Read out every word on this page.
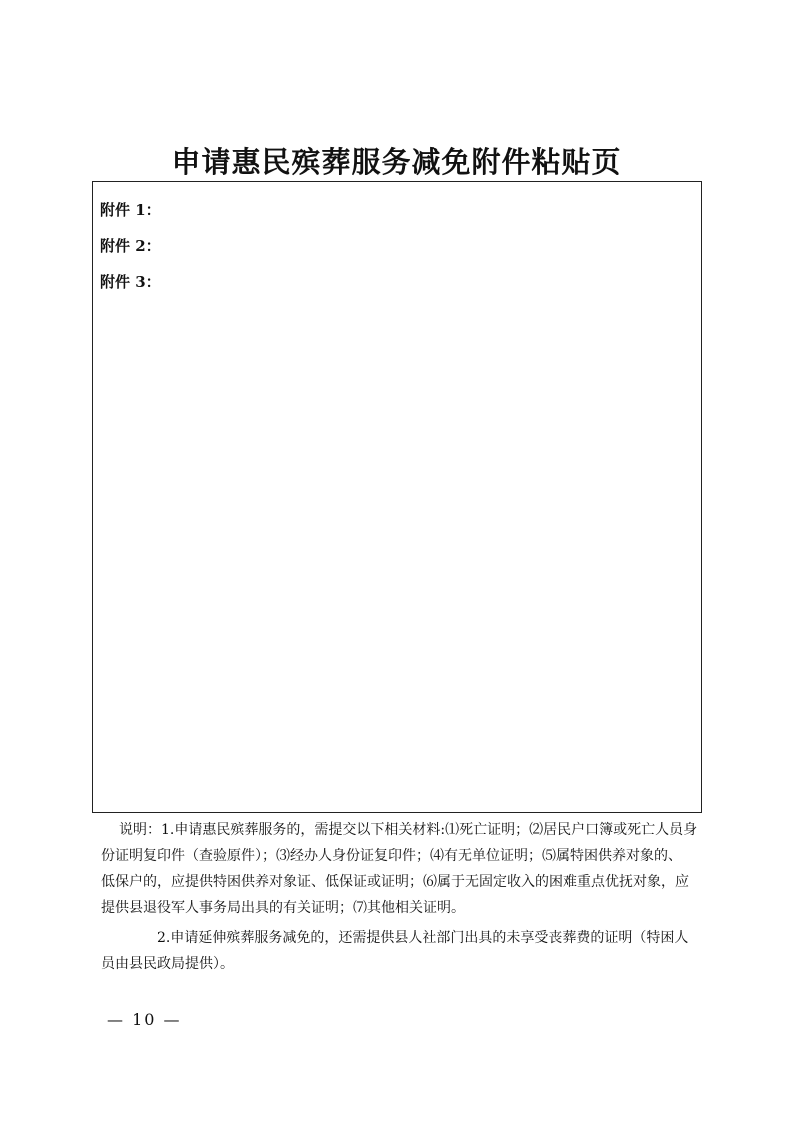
申请惠民殡葬服务减免附件粘贴页
附件 1：
附件 2：
附件 3：
说明：1.申请惠民殡葬服务的，需提交以下相关材料:⑴死亡证明；⑵居民户口簿或死亡人员身
份证明复印件（查验原件）；⑶经办人身份证复印件；⑷有无单位证明；⑸属特困供养对象的、
低保户的，应提供特困供养对象证、低保证或证明；⑹属于无固定收入的困难重点优抚对象，应
提供县退役军人事务局出具的有关证明；⑺其他相关证明。
2.申请延伸殡葬服务减免的，还需提供县人社部门出具的未享受丧葬费的证明（特困人
员由县民政局提供）。
— 10 —
